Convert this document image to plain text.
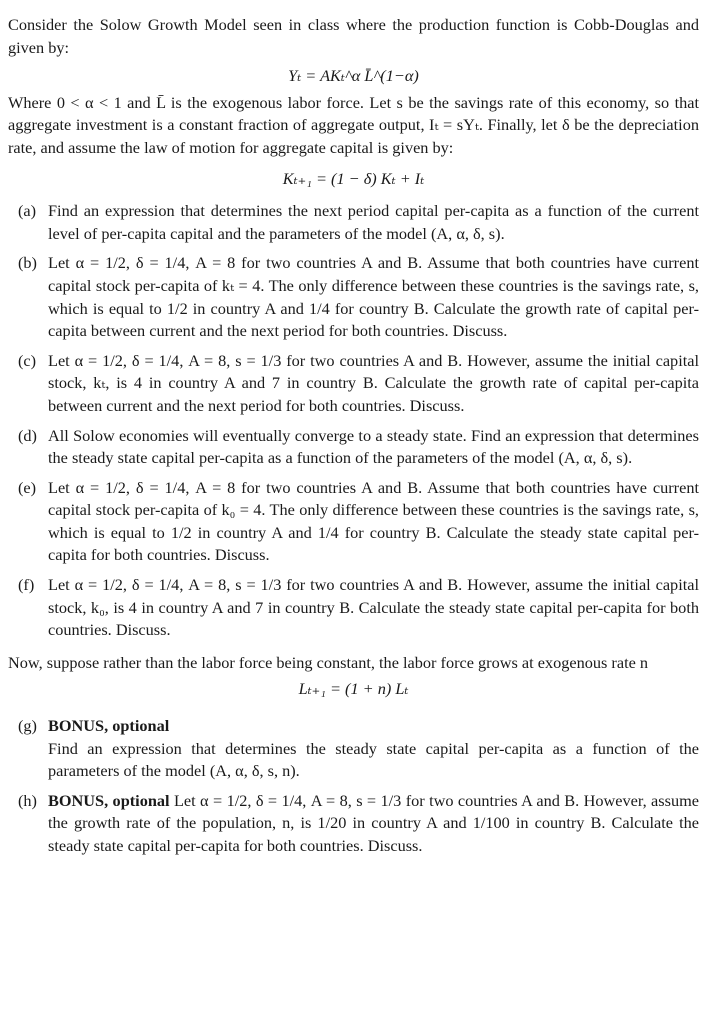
Consider the Solow Growth Model seen in class where the production function is Cobb-Douglas and given by:

Yₜ = AKₜ^α L̄^(1−α)

Where 0 < α < 1 and L̄ is the exogenous labor force. Let s be the savings rate of this economy, so that aggregate investment is a constant fraction of aggregate output, Iₜ = sYₜ. Finally, let δ be the depreciation rate, and assume the law of motion for aggregate capital is given by:

Kₜ₊₁ = (1 − δ) Kₜ + Iₜ
(a) Find an expression that determines the next period capital per-capita as a function of the current level of per-capita capital and the parameters of the model (A, α, δ, s).
(b) Let α = 1/2, δ = 1/4, A = 8 for two countries A and B. Assume that both countries have current capital stock per-capita of kₜ = 4. The only difference between these countries is the savings rate, s, which is equal to 1/2 in country A and 1/4 for country B. Calculate the growth rate of capital per-capita between current and the next period for both countries. Discuss.
(c) Let α = 1/2, δ = 1/4, A = 8, s = 1/3 for two countries A and B. However, assume the initial capital stock, kₜ, is 4 in country A and 7 in country B. Calculate the growth rate of capital per-capita between current and the next period for both countries. Discuss.
(d) All Solow economies will eventually converge to a steady state. Find an expression that determines the steady state capital per-capita as a function of the parameters of the model (A, α, δ, s).
(e) Let α = 1/2, δ = 1/4, A = 8 for two countries A and B. Assume that both countries have current capital stock per-capita of k₀ = 4. The only difference between these countries is the savings rate, s, which is equal to 1/2 in country A and 1/4 for country B. Calculate the steady state capital per-capita for both countries. Discuss.
(f) Let α = 1/2, δ = 1/4, A = 8, s = 1/3 for two countries A and B. However, assume the initial capital stock, k₀, is 4 in country A and 7 in country B. Calculate the steady state capital per-capita for both countries. Discuss.

Now, suppose rather than the labor force being constant, the labor force grows at exogenous rate n

Lₜ₊₁ = (1 + n) Lₜ
(g) BONUS, optional
Find an expression that determines the steady state capital per-capita as a function of the parameters of the model (A, α, δ, s, n).
(h) BONUS, optional Let α = 1/2, δ = 1/4, A = 8, s = 1/3 for two countries A and B. However, assume the growth rate of the population, n, is 1/20 in country A and 1/100 in country B. Calculate the steady state capital per-capita for both countries. Discuss.
